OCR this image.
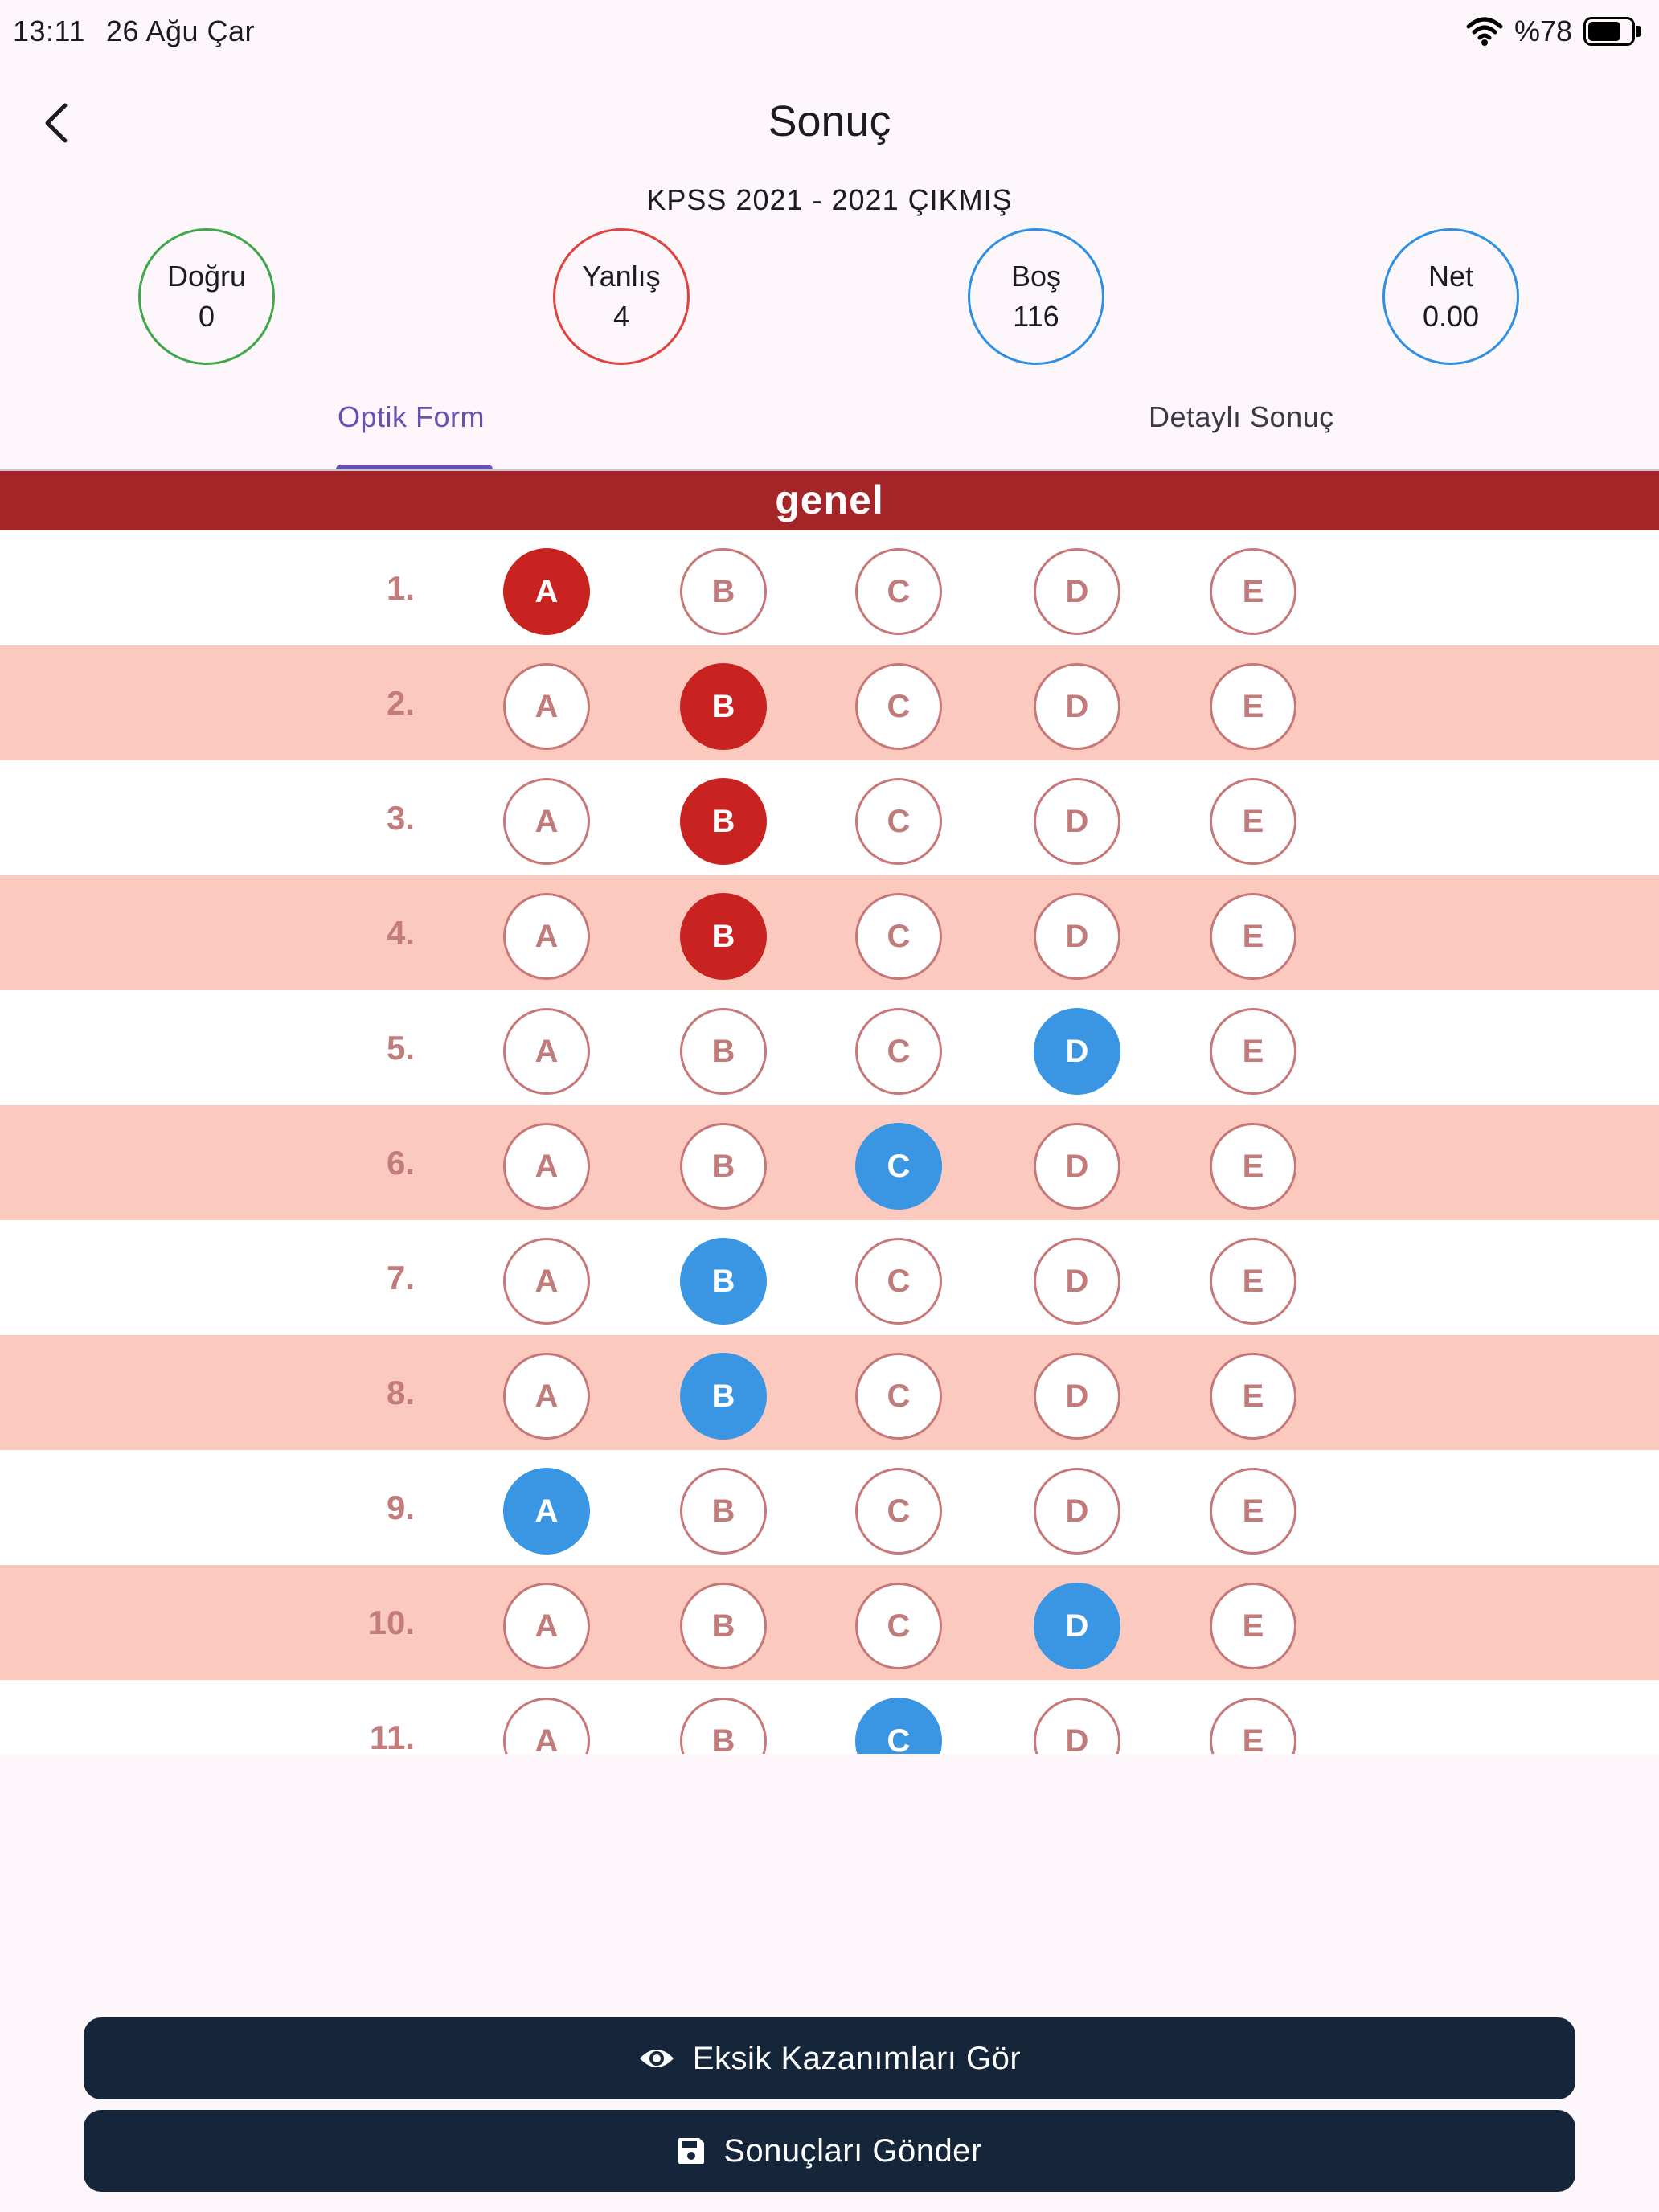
13:11 26 Ağu Çar	%78
Sonuç
KPSS 2021 - 2021 ÇIKMIŞ
Doğru
0
Yanlış
4
Boş
116
Net
0.00
Optik Form	Detaylı Sonuç
genel
1.	A	B	C	D	E
2.	A	B	C	D	E
3.	A	B	C	D	E
4.	A	B	C	D	E
5.	A	B	C	D	E
6.	A	B	C	D	E
7.	A	B	C	D	E
8.	A	B	C	D	E
9.	A	B	C	D	E
10.	A	B	C	D	E
11.	A	B	C	D	E
Eksik Kazanımları Gör
Sonuçları Gönder
